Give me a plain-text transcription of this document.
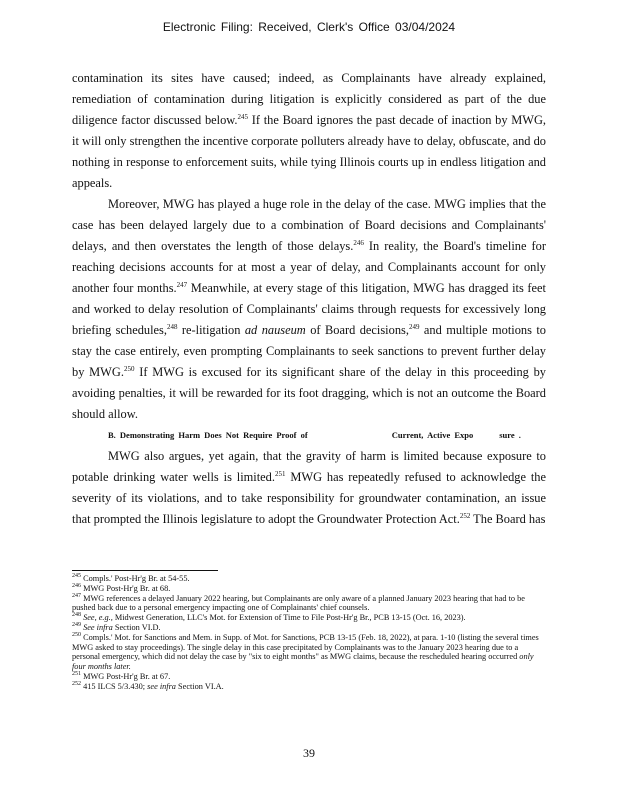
Electronic Filing: Received, Clerk's Office 03/04/2024

contamination its sites have caused; indeed, as Complainants have already explained, remediation of contamination during litigation is explicitly considered as part of the due diligence factor discussed below.$^{245}$ If the Board ignores the past decade of inaction by MWG, it will only strengthen the incentive corporate polluters already have to delay, obfuscate, and do nothing in response to enforcement suits, while tying Illinois courts up in endless litigation and appeals.

Moreover, MWG has played a huge role in the delay of the case. MWG implies that the case has been delayed largely due to a combination of Board decisions and Complainants' delays, and then overstates the length of those delays.$^{246}$ In reality, the Board's timeline for reaching decisions accounts for at most a year of delay, and Complainants account for only another four months.$^{247}$ Meanwhile, at every stage of this litigation, MWG has dragged its feet and worked to delay resolution of Complainants' claims through requests for excessively long briefing schedules,$^{248}$ re-litigation ad nauseum of Board decisions,$^{249}$ and multiple motions to stay the case entirely, even prompting Complainants to seek sanctions to prevent further delay by MWG.$^{250}$ If MWG is excused for its significant share of the delay in this proceeding by avoiding penalties, it will be rewarded for its foot dragging, which is not an outcome the Board should allow.

B. Demonstrating Harm Does Not Require Proof of	Current, Active Expo	sure .

MWG also argues, yet again, that the gravity of harm is limited because exposure to potable drinking water wells is limited.$^{251}$ MWG has repeatedly refused to acknowledge the severity of its violations, and to take responsibility for groundwater contamination, an issue that prompted the Illinois legislature to adopt the Groundwater Protection Act.$^{252}$ The Board has

$^{245}$ Compls.' Post-Hr'g Br. at 54-55.

$^{246}$ MWG Post-Hr'g Br. at 68.

$^{247}$ MWG references a delayed January 2022 hearing, but Complainants are only aware of a planned January 2023 hearing that had to be pushed back due to a personal emergency impacting one of Complainants' chief counsels.

$^{248}$ See, e.g., Midwest Generation, LLC's Mot. for Extension of Time to File Post-Hr'g Br., PCB 13-15 (Oct. 16, 2023).

$^{249}$ See infra Section VI.D.

$^{250}$ Compls.' Mot. for Sanctions and Mem. in Supp. of Mot. for Sanctions, PCB 13-15 (Feb. 18, 2022), at para. 1-10 (listing the several times MWG asked to stay proceedings). The single delay in this case precipitated by Complainants was to the January 2023 hearing due to a personal emergency, which did not delay the case by "six to eight months" as MWG claims, because the rescheduled hearing occurred only four months later.

$^{251}$ MWG Post-Hr'g Br. at 67.

$^{252}$ 415 ILCS 5/3.430; see infra Section VI.A.

39
